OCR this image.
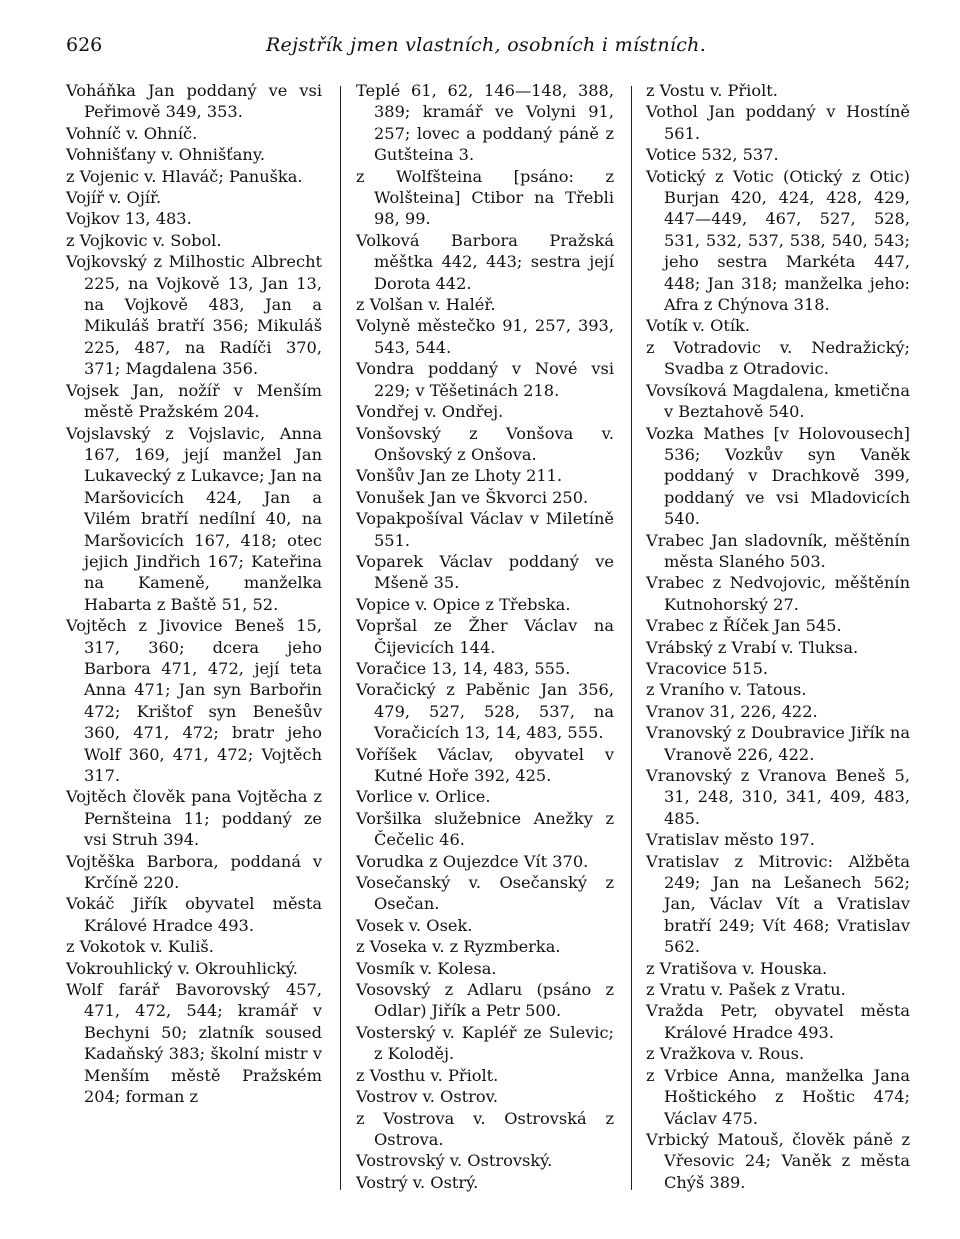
626	Rejstřík jmen vlastních, osobních i místních.

Voháňka Jan poddaný ve vsi Peřimově 349, 353.

Vohníč v. Ohníč.

Vohnišťany v. Ohnišťany.

z Vojenic v. Hlaváč; Panuška.

Vojíř v. Ojíř.

Vojkov 13, 483.

z Vojkovic v. Sobol.

Vojkovský z Milhostic Albrecht 225, na Vojkově 13, Jan 13, na Vojkově 483, Jan a Mikuláš bratří 356; Mikuláš 225, 487, na Radíči 370, 371; Magdalena 356.

Vojsek Jan, nožíř v Menším městě Pražském 204.

Vojslavský z Vojslavic, Anna 167, 169, její manžel Jan Lukavecký z Lukavce; Jan na Maršovicích 424, Jan a Vilém bratří nedílní 40, na Maršovicích 167, 418; otec jejich Jindřich 167; Kateřina na Kameně, manželka Habarta z Baště 51, 52.

Vojtěch z Jivovice Beneš 15, 317, 360; dcera jeho Barbora 471, 472, její teta Anna 471; Jan syn Barbořin 472; Krištof syn Benešův 360, 471, 472; bratr jeho Wolf 360, 471, 472; Vojtěch 317.

Vojtěch člověk pana Vojtěcha z Pernšteina 11; poddaný ze vsi Struh 394.

Vojtěška Barbora, poddaná v Krčíně 220.

Vokáč Jiřík obyvatel města Králové Hradce 493.

z Vokotok v. Kuliš.

Vokrouhlický v. Okrouhlický.

Wolf farář Bavorovský 457, 471, 472, 544; kramář v Bechyni 50; zlatník soused Kadaňský 383; školní mistr v Menším městě Pražském 204; forman z

Teplé 61, 62, 146—148, 388, 389; kramář ve Volyni 91, 257; lovec a poddaný páně z Gutšteina 3.

z Wolfšteina [psáno: z Wolšteina] Ctibor na Třebli 98, 99.

Volková Barbora Pražská měštka 442, 443; sestra její Dorota 442.

z Volšan v. Haléř.

Volyně městečko 91, 257, 393, 543, 544.

Vondra poddaný v Nové vsi 229; v Těšetinách 218.

Vondřej v. Ondřej.

Vonšovský z Vonšova v. Onšovský z Onšova.

Vonšův Jan ze Lhoty 211.

Vonušek Jan ve Škvorci 250.

Vopakpošíval Václav v Miletíně 551.

Voparek Václav poddaný ve Mšeně 35.

Vopice v. Opice z Třebska.

Vopršal ze Žher Václav na Čijevicích 144.

Voračice 13, 14, 483, 555.

Voračický z Paběnic Jan 356, 479, 527, 528, 537, na Voračicích 13, 14, 483, 555.

Voříšek Václav, obyvatel v Kutné Hoře 392, 425.

Vorlice v. Orlice.

Voršilka služebnice Anežky z Čečelic 46.

Vorudka z Oujezdce Vít 370.

Vosečanský v. Osečanský z Osečan.

Vosek v. Osek.

z Voseka v. z Ryzmberka.

Vosmík v. Kolesa.

Vosovský z Adlaru (psáno z Odlar) Jiřík a Petr 500.

Vosterský v. Kapléř ze Sulevic; z Koloděj.

z Vosthu v. Přiolt.

Vostrov v. Ostrov.

z Vostrova v. Ostrovská z Ostrova.

Vostrovský v. Ostrovský.

Vostrý v. Ostrý.

z Vostu v. Přiolt.

Vothol Jan poddaný v Hostíně 561.

Votice 532, 537.

Votický z Votic (Otický z Otic) Burjan 420, 424, 428, 429, 447—449, 467, 527, 528, 531, 532, 537, 538, 540, 543; jeho sestra Markéta 447, 448; Jan 318; manželka jeho: Afra z Chýnova 318.

Votík v. Otík.

z Votradovic v. Nedražický; Svadba z Otradovic.

Vovsíková Magdalena, kmetična v Beztahově 540.

Vozka Mathes [v Holovousech] 536; Vozkův syn Vaněk poddaný v Drachkově 399, poddaný ve vsi Mladovicích 540.

Vrabec Jan sladovník, měštěnín města Slaného 503.

Vrabec z Nedvojovic, měštěnín Kutnohorský 27.

Vrabec z Říček Jan 545.

Vrábský z Vrabí v. Tluksa.

Vracovice 515.

z Vraního v. Tatous.

Vranov 31, 226, 422.

Vranovský z Doubravice Jiřík na Vranově 226, 422.

Vranovský z Vranova Beneš 5, 31, 248, 310, 341, 409, 483, 485.

Vratislav město 197.

Vratislav z Mitrovic: Alžběta 249; Jan na Lešanech 562; Jan, Václav Vít a Vratislav bratří 249; Vít 468; Vratislav 562.

z Vratišova v. Houska.

z Vratu v. Pašek z Vratu.

Vražda Petr, obyvatel města Králové Hradce 493.

z Vražkova v. Rous.

z Vrbice Anna, manželka Jana Hoštického z Hoštic 474; Václav 475.

Vrbický Matouš, člověk páně z Vřesovic 24; Vaněk z města Chýš 389.
